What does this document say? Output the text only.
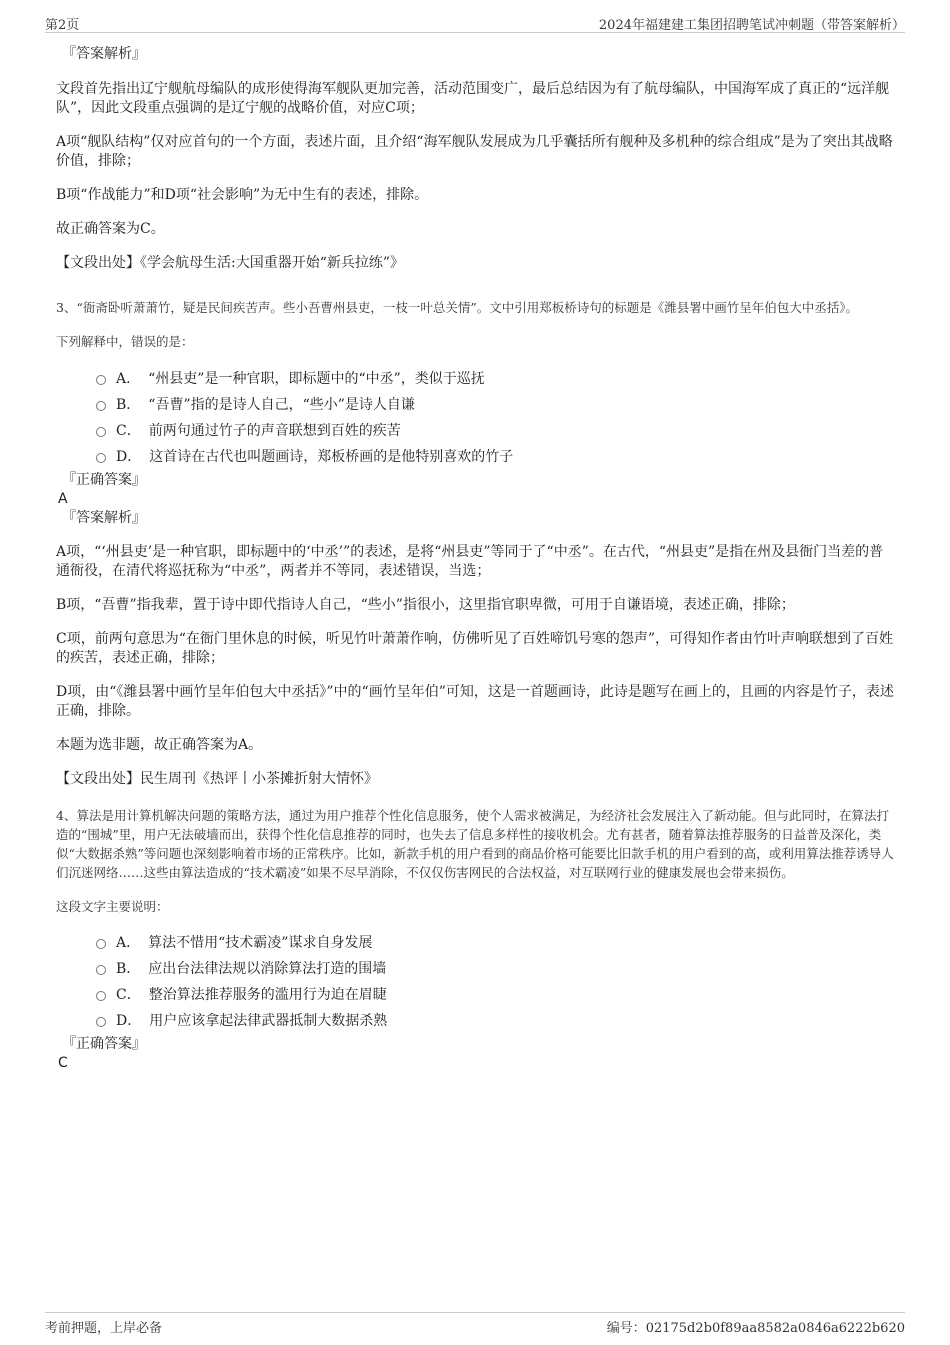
第2页	2024年福建建工集团招聘笔试冲刺题（带答案解析）

『答案解析』

文段首先指出辽宁舰航母编队的成形使得海军舰队更加完善，活动范围变广，最后总结因为有了航母编队，中国海军成了真正的“远洋舰队”，因此文段重点强调的是辽宁舰的战略价值，对应C项；

A项“舰队结构”仅对应首句的一个方面，表述片面，且介绍“海军舰队发展成为几乎囊括所有舰种及多机种的综合组成”是为了突出其战略价值，排除；

B项“作战能力”和D项“社会影响”为无中生有的表述，排除。

故正确答案为C。

【文段出处】《学会航母生活:大国重器开始“新兵拉练”》

3、“衙斋卧听萧萧竹，疑是民间疾苦声。些小吾曹州县吏，一枝一叶总关情”。文中引用郑板桥诗句的标题是《潍县署中画竹呈年伯包大中丞括》。

下列解释中，错误的是：

A． “州县吏”是一种官职，即标题中的“中丞”，类似于巡抚
B． “吾曹”指的是诗人自己，“些小”是诗人自谦
C． 前两句通过竹子的声音联想到百姓的疾苦
D． 这首诗在古代也叫题画诗，郑板桥画的是他特别喜欢的竹子

『正确答案』

A

『答案解析』

A项，“‘州县吏’是一种官职，即标题中的‘中丞’”的表述，是将“州县吏”等同于了“中丞”。在古代，“州县吏”是指在州及县衙门当差的普通衙役，在清代将巡抚称为“中丞”，两者并不等同，表述错误，当选；

B项，“吾曹”指我辈，置于诗中即代指诗人自己，“些小”指很小，这里指官职卑微，可用于自谦语境，表述正确，排除；

C项，前两句意思为“在衙门里休息的时候，听见竹叶萧萧作响，仿佛听见了百姓啼饥号寒的怨声”，可得知作者由竹叶声响联想到了百姓的疾苦，表述正确，排除；

D项，由“《潍县署中画竹呈年伯包大中丞括》”中的“画竹呈年伯”可知，这是一首题画诗，此诗是题写在画上的，且画的内容是竹子，表述正确，排除。

本题为选非题，故正确答案为A。

【文段出处】民生周刊《热评丨小茶摊折射大情怀》

4、算法是用计算机解决问题的策略方法，通过为用户推荐个性化信息服务，使个人需求被满足，为经济社会发展注入了新动能。但与此同时，在算法打造的“围城”里，用户无法破墙而出，获得个性化信息推荐的同时，也失去了信息多样性的接收机会。尤有甚者，随着算法推荐服务的日益普及深化，类似“大数据杀熟”等问题也深刻影响着市场的正常秩序。比如，新款手机的用户看到的商品价格可能要比旧款手机的用户看到的高，或利用算法推荐诱导人们沉迷网络……这些由算法造成的“技术霸凌”如果不尽早消除，不仅仅伤害网民的合法权益，对互联网行业的健康发展也会带来损伤。

这段文字主要说明：

A． 算法不惜用“技术霸凌”谋求自身发展
B． 应出台法律法规以消除算法打造的围墙
C． 整治算法推荐服务的滥用行为迫在眉睫
D． 用户应该拿起法律武器抵制大数据杀熟

『正确答案』

C

考前押题，上岸必备	编号：02175d2b0f89aa8582a0846a6222b620
